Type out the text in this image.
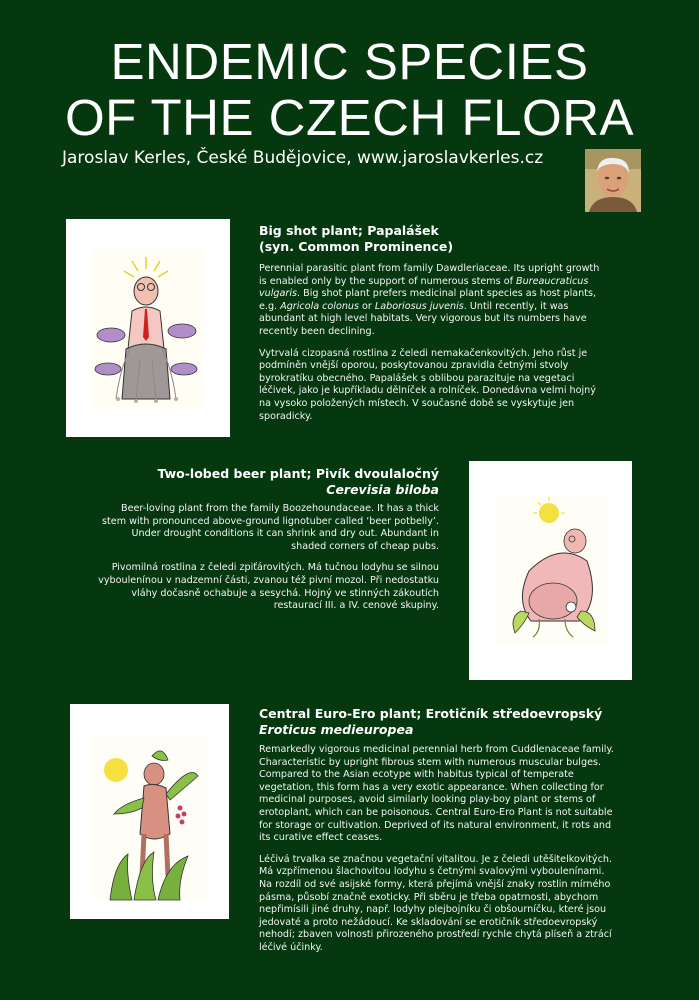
ENDEMIC SPECIES
OF THE CZECH FLORA
Jaroslav Kerles, České Budějovice, www.jaroslavkerles.cz
Big shot plant; Papalášek
(syn. Common Prominence)

Perennial parasitic plant from family Dawdleriaceae. Its upright growth is enabled only by the support of numerous stems of Bureaucraticus vulgaris. Big shot plant prefers medicinal plant species as host plants, e.g. Agricola colonus or Laboriosus juvenis. Until recently, it was abundant at high level habitats. Very vigorous but its numbers have recently been declining.

Vytrvalá cizopasná rostlina z čeledi nemakačenkovitých. Jeho růst je podmíněn vnější oporou, poskytovanou zpravidla četnými stvoly byrokratíku obecného. Papalášek s oblibou parazituje na vegetaci léčivek, jako je kupříkladu dělníček a rolníček. Donedávna velmi hojný na vysoko položených místech. V současné době se vyskytuje jen sporadicky.

Two-lobed beer plant; Pivík dvoulaločný
Cerevisia biloba

Beer-loving plant from the family Boozehoundaceae. It has a thick stem with pronounced above-ground lignotuber called ‘beer potbelly’. Under drought conditions it can shrink and dry out. Abundant in shaded corners of cheap pubs.

Pivomilná rostlina z čeledi zpiťárovitých. Má tučnou lodyhu se silnou vyboulenínou v nadzemní části, zvanou též pivní mozol. Při nedostatku vláhy dočasně ochabuje a sesychá. Hojný ve stinných zákoutích restaurací III. a IV. cenové skupiny.

Central Euro-Ero plant; Erotičník středoevropský
Eroticus medieuropea

Remarkedly vigorous medicinal perennial herb from Cuddlenaceae family. Characteristic by upright fibrous stem with numerous muscular bulges. Compared to the Asian ecotype with habitus typical of temperate vegetation, this form has a very exotic appearance. When collecting for medicinal purposes, avoid similarly looking play-boy plant or stems of erotoplant, which can be poisonous. Central Euro-Ero Plant is not suitable for storage or cultivation. Deprived of its natural environment, it rots and its curative effect ceases.

Léčivá trvalka se značnou vegetační vitalitou. Je z čeledi utěšitelkovitých. Má vzpřímenou šlachovitou lodyhu s četnými svalovými vyboulenínami. Na rozdíl od své asijské formy, která přejímá vnější znaky rostlin mírného pásma, působí značně exoticky. Při sběru je třeba opatrnosti, abychom nepřimísili jiné druhy, např. lodyhy plejbojníku či obšourníčku, které jsou jedovaté a proto nežádoucí. Ke skladování se erotičník středoevropský nehodí; zbaven volnosti přirozeného prostředí rychle chytá plíseň a ztrácí léčivé účinky.
